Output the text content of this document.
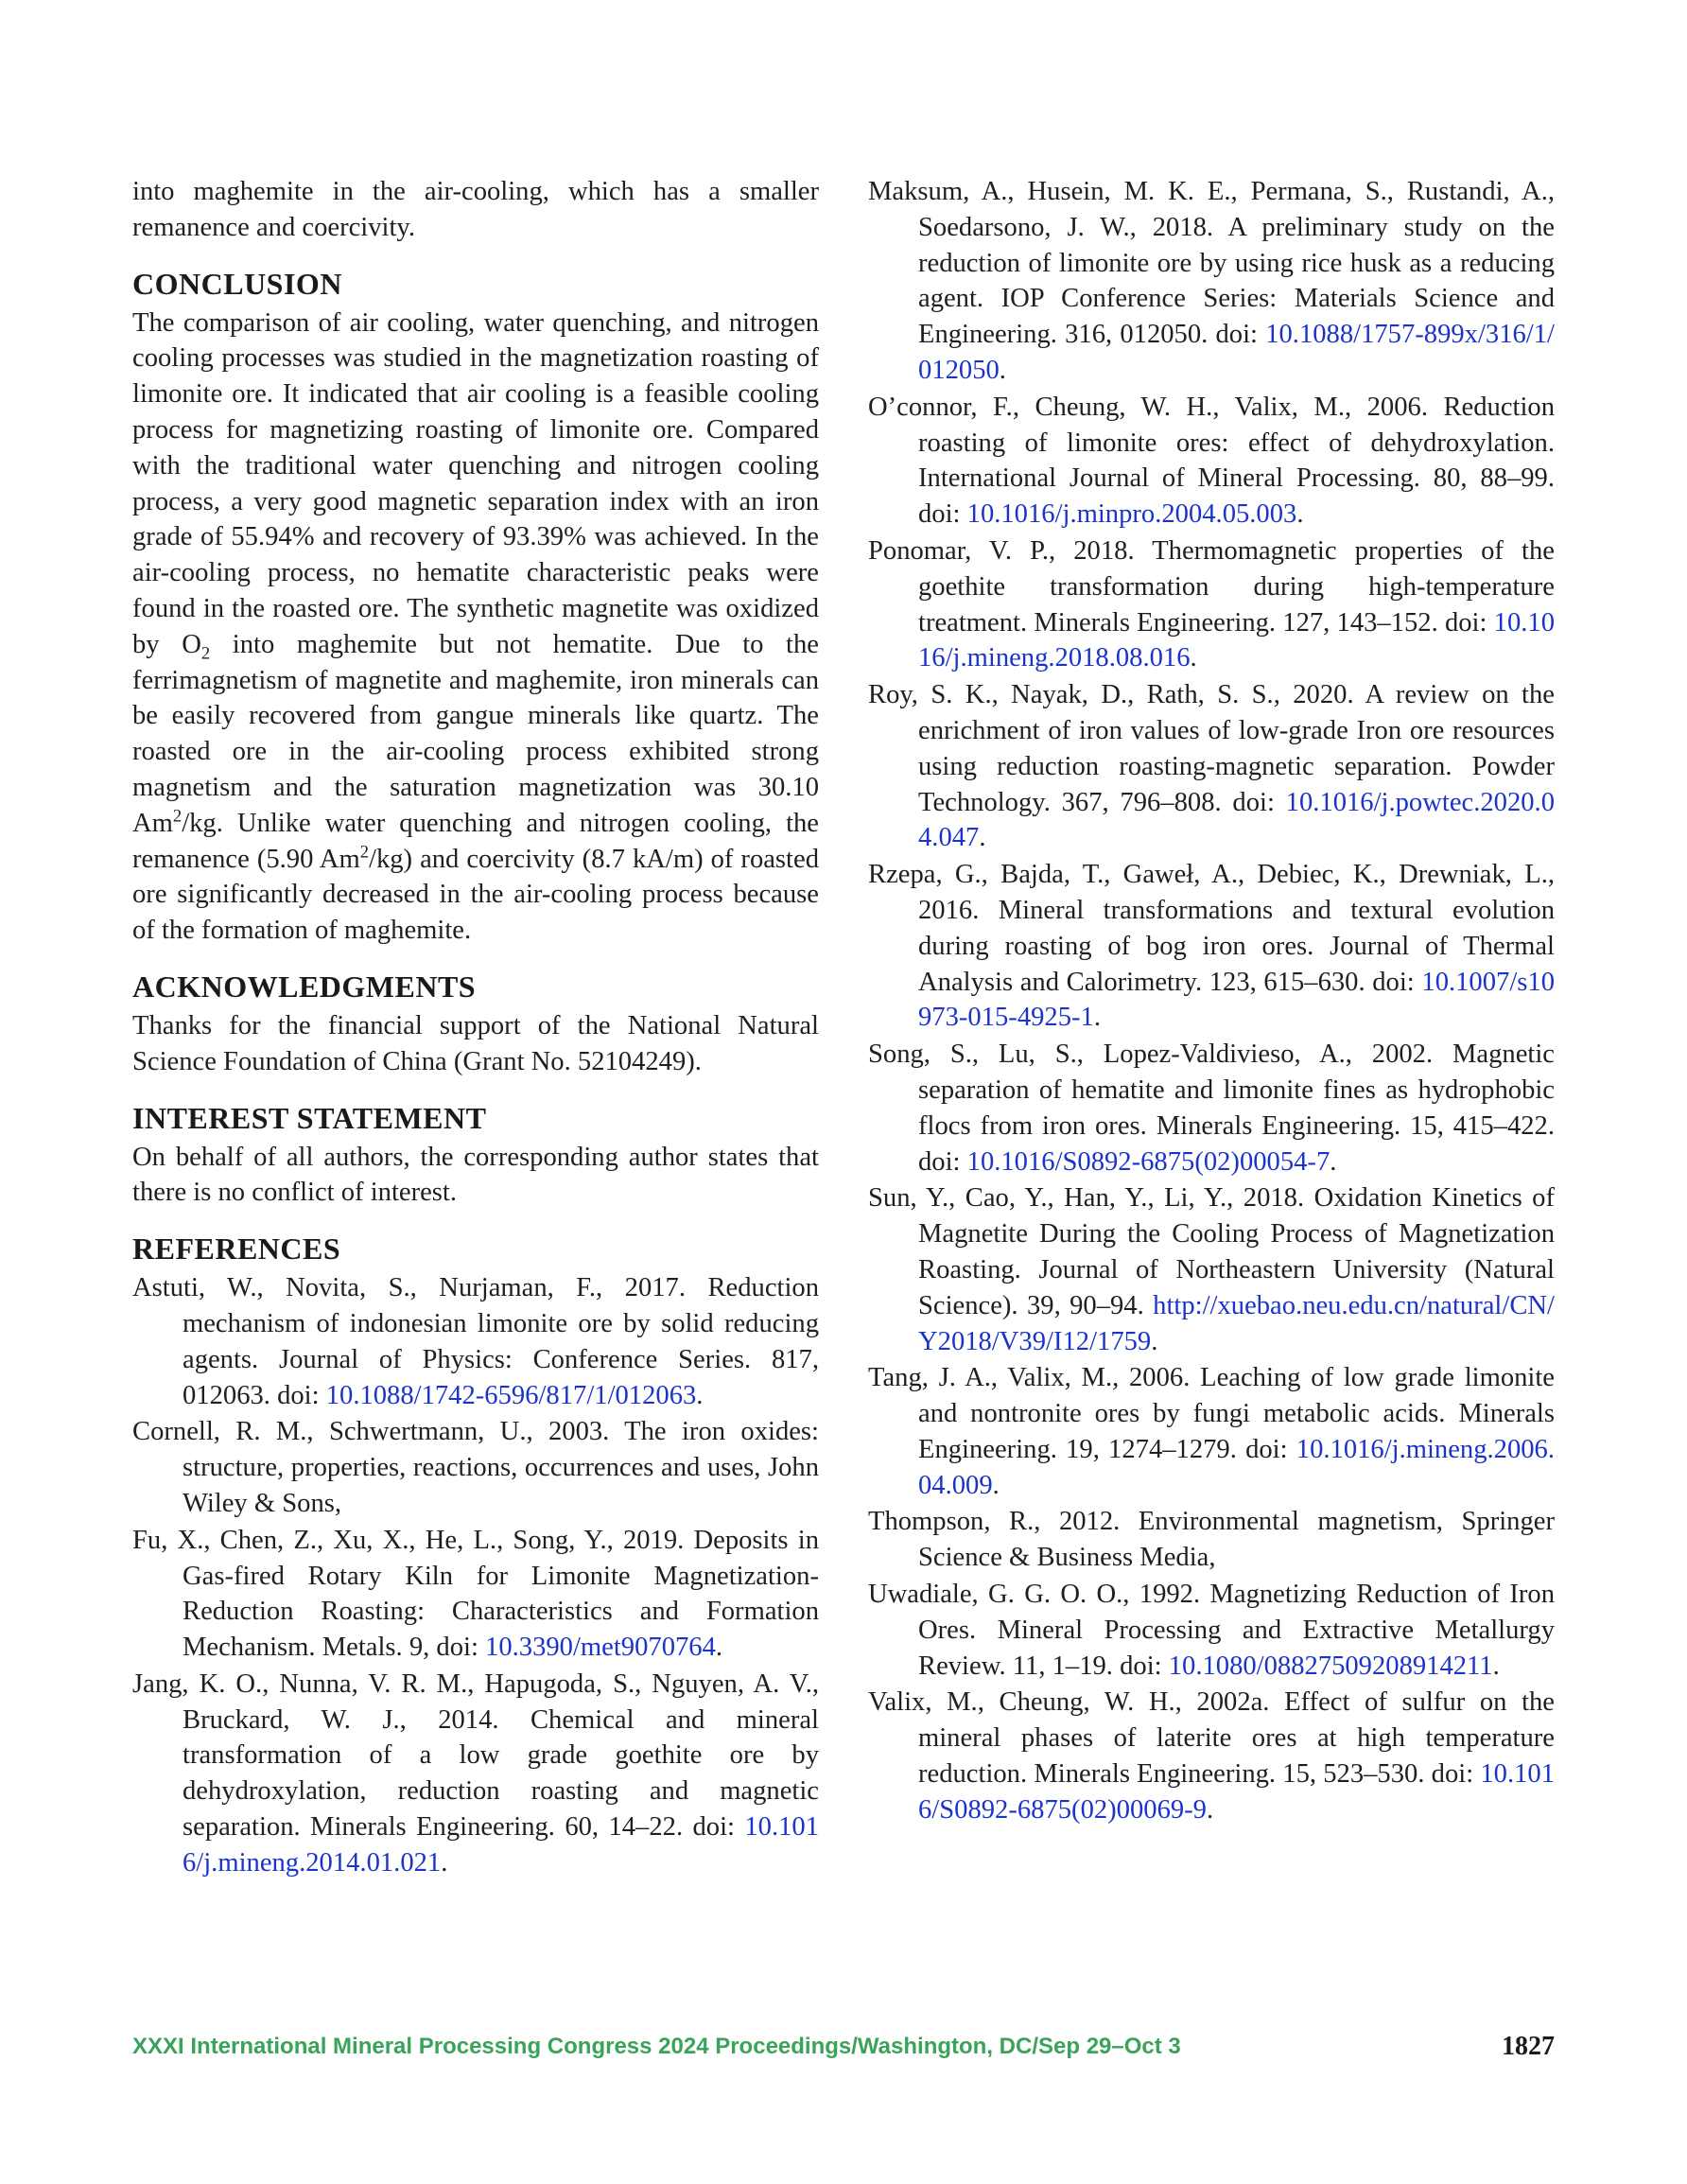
into maghemite in the air-cooling, which has a smaller remanence and coercivity.

CONCLUSION

The comparison of air cooling, water quenching, and nitrogen cooling processes was studied in the magnetization roasting of limonite ore. It indicated that air cooling is a feasible cooling process for magnetizing roasting of limonite ore. Compared with the traditional water quenching and nitrogen cooling process, a very good magnetic separation index with an iron grade of 55.94% and recovery of 93.39% was achieved. In the air-cooling process, no hematite characteristic peaks were found in the roasted ore. The synthetic magnetite was oxidized by $O_2$ into maghemite but not hematite. Due to the ferrimagnetism of magnetite and maghemite, iron minerals can be easily recovered from gangue minerals like quartz. The roasted ore in the air-cooling process exhibited strong magnetism and the saturation magnetization was 30.10 Am$^2$/kg. Unlike water quenching and nitrogen cooling, the remanence (5.90 Am$^2$/kg) and coercivity (8.7 kA/m) of roasted ore significantly decreased in the air-cooling process because of the formation of maghemite.

ACKNOWLEDGMENTS

Thanks for the financial support of the National Natural Science Foundation of China (Grant No. 52104249).

INTEREST STATEMENT

On behalf of all authors, the corresponding author states that there is no conflict of interest.

REFERENCES

Astuti, W., Novita, S., Nurjaman, F., 2017. Reduction mechanism of indonesian limonite ore by solid reducing agents. Journal of Physics: Conference Series. 817, 012063. doi: 10.1088/1742-6596/817/1/012063.

Cornell, R. M., Schwertmann, U., 2003. The iron oxides: structure, properties, reactions, occurrences and uses, John Wiley & Sons,

Fu, X., Chen, Z., Xu, X., He, L., Song, Y., 2019. Deposits in Gas-fired Rotary Kiln for Limonite Magnetization-Reduction Roasting: Characteristics and Formation Mechanism. Metals. 9, doi: 10.3390/met9070764.

Jang, K. O., Nunna, V. R. M., Hapugoda, S., Nguyen, A. V., Bruckard, W. J., 2014. Chemical and mineral transformation of a low grade goethite ore by dehydroxylation, reduction roasting and magnetic separation. Minerals Engineering. 60, 14–22. doi: 10.1016/j.mineng.2014.01.021.

Maksum, A., Husein, M. K. E., Permana, S., Rustandi, A., Soedarsono, J. W., 2018. A preliminary study on the reduction of limonite ore by using rice husk as a reducing agent. IOP Conference Series: Materials Science and Engineering. 316, 012050. doi: 10.1088/1757-899x/316/1/012050.

O’connor, F., Cheung, W. H., Valix, M., 2006. Reduction roasting of limonite ores: effect of dehydroxylation. International Journal of Mineral Processing. 80, 88–99. doi: 10.1016/j.minpro.2004.05.003.

Ponomar, V. P., 2018. Thermomagnetic properties of the goethite transformation during high-temperature treatment. Minerals Engineering. 127, 143–152. doi: 10.1016/j.mineng.2018.08.016.

Roy, S. K., Nayak, D., Rath, S. S., 2020. A review on the enrichment of iron values of low-grade Iron ore resources using reduction roasting-magnetic separation. Powder Technology. 367, 796–808. doi: 10.1016/j.powtec.2020.04.047.

Rzepa, G., Bajda, T., Gaweł, A., Debiec, K., Drewniak, L., 2016. Mineral transformations and textural evolution during roasting of bog iron ores. Journal of Thermal Analysis and Calorimetry. 123, 615–630. doi: 10.1007/s10973-015-4925-1.

Song, S., Lu, S., Lopez-Valdivieso, A., 2002. Magnetic separation of hematite and limonite fines as hydrophobic flocs from iron ores. Minerals Engineering. 15, 415–422. doi: 10.1016/S0892-6875(02)00054-7.

Sun, Y., Cao, Y., Han, Y., Li, Y., 2018. Oxidation Kinetics of Magnetite During the Cooling Process of Magnetization Roasting. Journal of Northeastern University (Natural Science). 39, 90–94. http://xuebao.neu.edu.cn/natural/CN/Y2018/V39/I12/1759.

Tang, J. A., Valix, M., 2006. Leaching of low grade limonite and nontronite ores by fungi metabolic acids. Minerals Engineering. 19, 1274–1279. doi: 10.1016/j.mineng.2006.04.009.

Thompson, R., 2012. Environmental magnetism, Springer Science & Business Media,

Uwadiale, G. G. O. O., 1992. Magnetizing Reduction of Iron Ores. Mineral Processing and Extractive Metallurgy Review. 11, 1–19. doi: 10.1080/08827509208914211.

Valix, M., Cheung, W. H., 2002a. Effect of sulfur on the mineral phases of laterite ores at high temperature reduction. Minerals Engineering. 15, 523–530. doi: 10.1016/S0892-6875(02)00069-9.

XXXI International Mineral Processing Congress 2024 Proceedings/Washington, DC/Sep 29–Oct 3	1827
